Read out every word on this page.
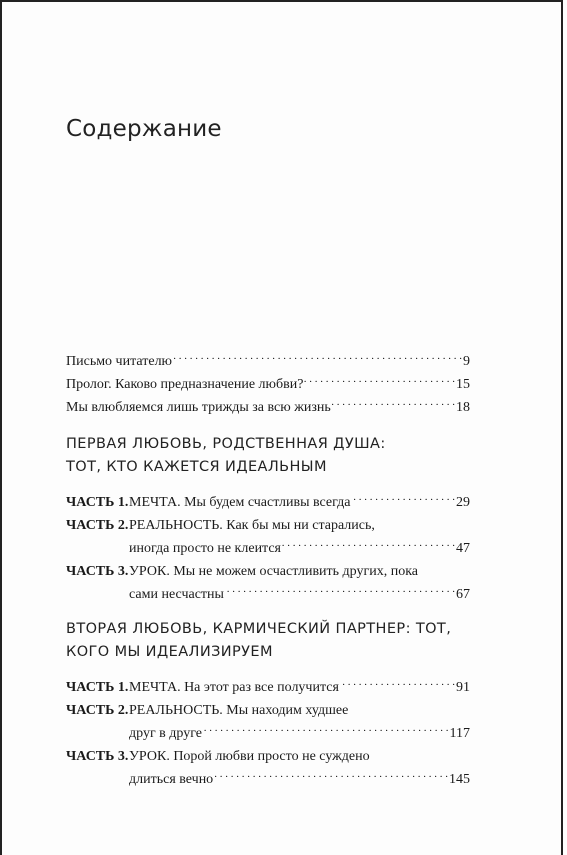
Содержание
Письмо читателю . . .	9
Пролог. Каково предназначение любви? . . .	15
Мы влюбляемся лишь трижды за всю жизнь . . .	18
ПЕРВАЯ ЛЮБОВЬ, РОДСТВЕННАЯ ДУША:
ТОТ, КТО КАЖЕТСЯ ИДЕАЛЬНЫМ
ЧАСТЬ 1. МЕЧТА. Мы будем счастливы всегда . . .	29
ЧАСТЬ 2. РЕАЛЬНОСТЬ. Как бы мы ни старались,
иногда просто не клеится . . .	47
ЧАСТЬ 3. УРОК. Мы не можем осчастливить других, пока
сами несчастны . . .	67
ВТОРАЯ ЛЮБОВЬ, КАРМИЧЕСКИЙ ПАРТНЕР: ТОТ,
КОГО МЫ ИДЕАЛИЗИРУЕМ
ЧАСТЬ 1. МЕЧТА. На этот раз все получится . . .	91
ЧАСТЬ 2. РЕАЛЬНОСТЬ. Мы находим худшее
друг в друге . . .	117
ЧАСТЬ 3. УРОК. Порой любви просто не суждено
длиться вечно . . .	145
